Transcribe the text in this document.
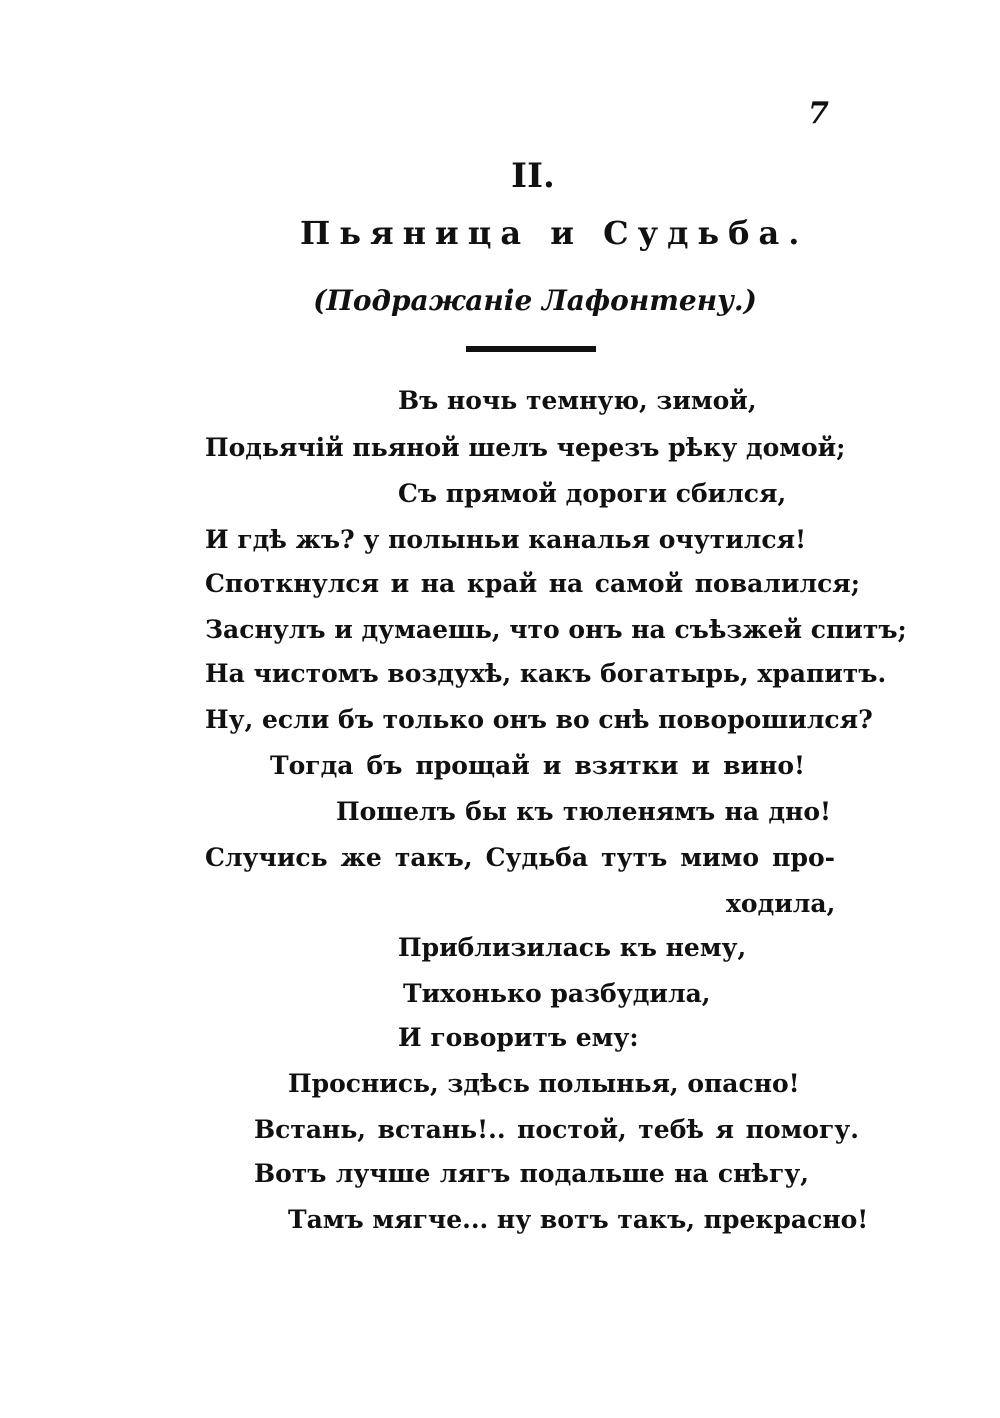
7
II.
Пьяница и Судьба.
(Подражаніе Лафонтену.)
Въ ночь темную, зимой,
Подьячій пьяной шелъ черезъ рѣку домой;
Съ прямой дороги сбился,
И гдѣ жъ? у полыньи каналья очутился!
Споткнулся и на край на самой повалился;
Заснулъ и думаешь, что онъ на съѣзжей спитъ;
На чистомъ воздухѣ, какъ богатырь, храпитъ.
Ну, если бъ только онъ во снѣ поворошился?
Тогда бъ прощай и взятки и вино!
Пошелъ бы къ тюленямъ на дно!
Случись же такъ, Судьба тутъ мимо про-
ходила,
Приблизилась къ нему,
Тихонько разбудила,
И говоритъ ему:
Проснись, здѣсь полынья, опасно!
Встань, встань!.. постой, тебѣ я помогу.
Вотъ лучше лягъ подальше на снѣгу,
Тамъ мягче... ну вотъ такъ, прекрасно!
